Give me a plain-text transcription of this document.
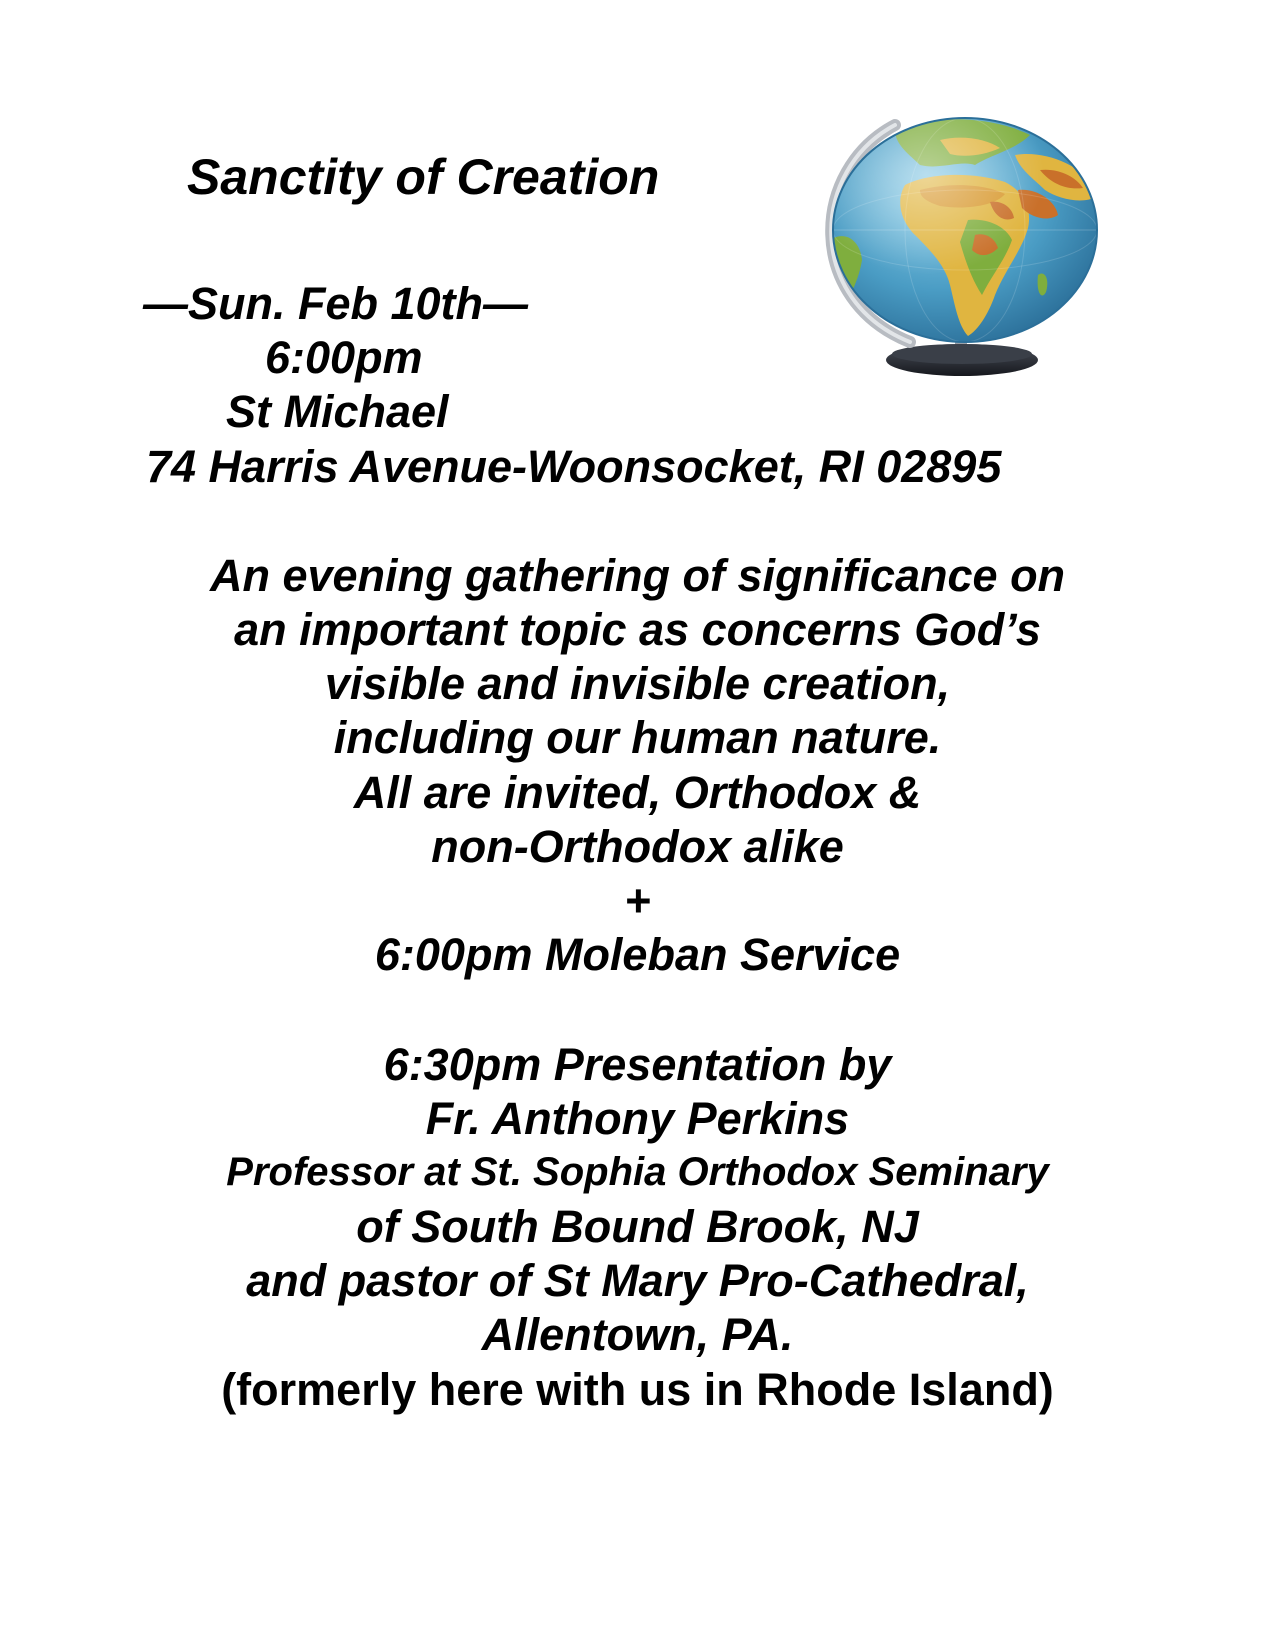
Sanctity of Creation
—Sun. Feb 10th—
6:00pm
St Michael
74 Harris Avenue-Woonsocket, RI 02895
An evening gathering of significance on
an important topic as concerns God’s
visible and invisible creation,
including our human nature.
All are invited, Orthodox &
non-Orthodox alike
+
6:00pm Moleban Service
6:30pm Presentation by
Fr. Anthony Perkins
Professor at St. Sophia Orthodox Seminary
of South Bound Brook, NJ
and pastor of St Mary Pro-Cathedral,
Allentown, PA.
(formerly here with us in Rhode Island)
